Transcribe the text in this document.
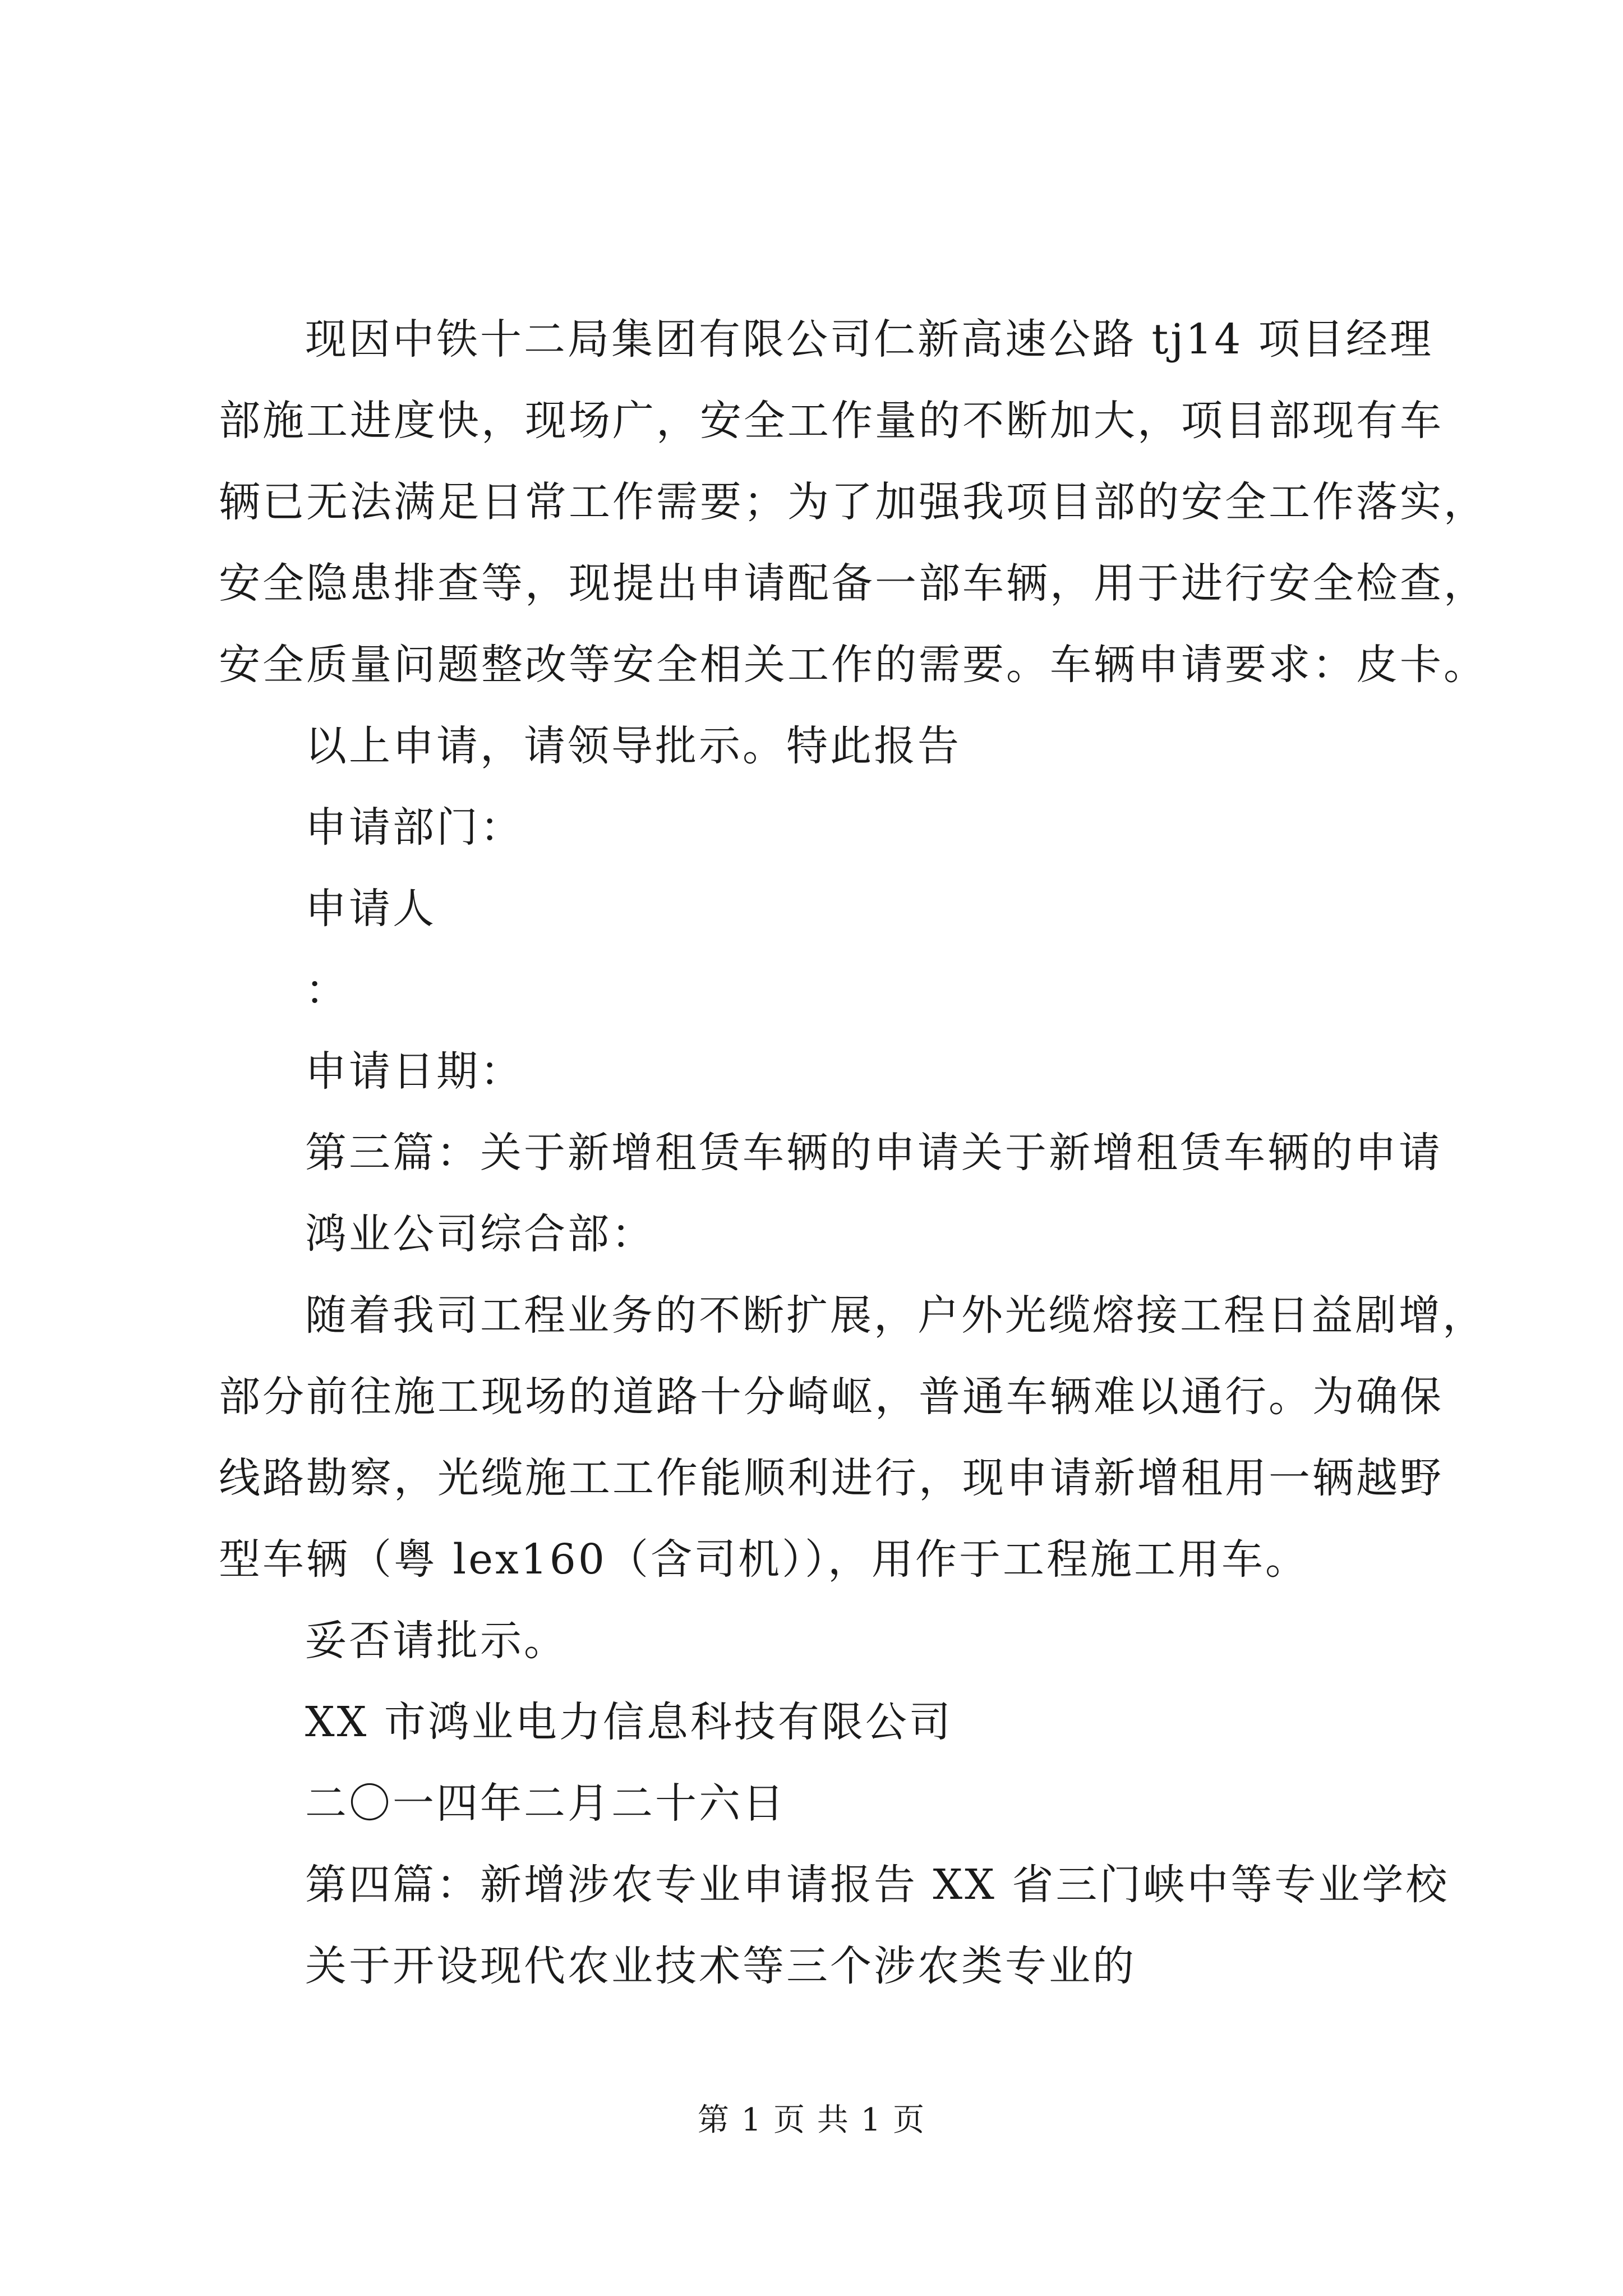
现因中铁十二局集团有限公司仁新高速公路 tj14 项目经理
部施工进度快，现场广，安全工作量的不断加大，项目部现有车
辆已无法满足日常工作需要；为了加强我项目部的安全工作落实，
安全隐患排查等，现提出申请配备一部车辆，用于进行安全检查，
安全质量问题整改等安全相关工作的需要。车辆申请要求：皮卡。
以上申请，请领导批示。特此报告
申请部门：
申请人
：
申请日期：
第三篇：关于新增租赁车辆的申请关于新增租赁车辆的申请
鸿业公司综合部：
随着我司工程业务的不断扩展，户外光缆熔接工程日益剧增，
部分前往施工现场的道路十分崎岖，普通车辆难以通行。为确保
线路勘察，光缆施工工作能顺利进行，现申请新增租用一辆越野
型车辆（粤 lex160（含司机）），用作于工程施工用车。
妥否请批示。
XX 市鸿业电力信息科技有限公司
二〇一四年二月二十六日
第四篇：新增涉农专业申请报告 XX 省三门峡中等专业学校
关于开设现代农业技术等三个涉农类专业的
第 1 页 共 1 页
